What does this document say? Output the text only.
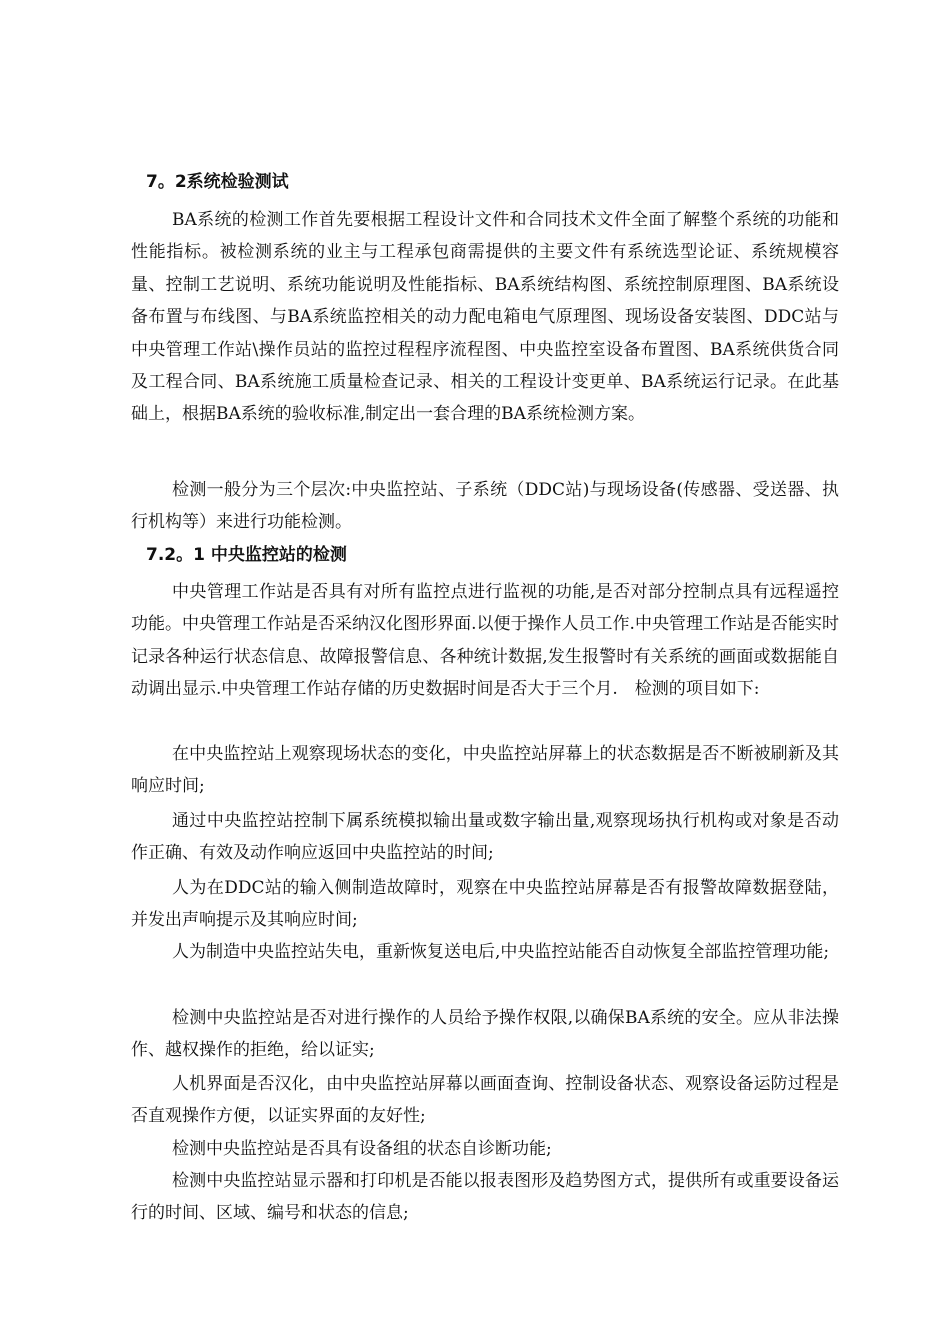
7。2系统检验测试

BA系统的检测工作首先要根据工程设计文件和合同技术文件全面了解整个系统的功能和性能指标。被检测系统的业主与工程承包商需提供的主要文件有系统选型论证、系统规模容量、控制工艺说明、系统功能说明及性能指标、BA系统结构图、系统控制原理图、BA系统设备布置与布线图、与BA系统监控相关的动力配电箱电气原理图、现场设备安装图、DDC站与中央管理工作站\操作员站的监控过程程序流程图、中央监控室设备布置图、BA系统供货合同及工程合同、BA系统施工质量检查记录、相关的工程设计变更单、BA系统运行记录。在此基础上，根据BA系统的验收标准,制定出一套合理的BA系统检测方案。

检测一般分为三个层次:中央监控站、子系统（DDC站)与现场设备(传感器、受送器、执行机构等）来进行功能检测。

7.2。1 中央监控站的检测

中央管理工作站是否具有对所有监控点进行监视的功能,是否对部分控制点具有远程遥控功能。中央管理工作站是否采纳汉化图形界面.以便于操作人员工作.中央管理工作站是否能实时记录各种运行状态信息、故障报警信息、各种统计数据,发生报警时有关系统的画面或数据能自动调出显示.中央管理工作站存储的历史数据时间是否大于三个月.　检测的项目如下:

在中央监控站上观察现场状态的变化，中央监控站屏幕上的状态数据是否不断被刷新及其响应时间;

通过中央监控站控制下属系统模拟输出量或数字输出量,观察现场执行机构或对象是否动作正确、有效及动作响应返回中央监控站的时间;

人为在DDC站的输入侧制造故障时，观察在中央监控站屏幕是否有报警故障数据登陆，并发出声响提示及其响应时间;

人为制造中央监控站失电，重新恢复送电后,中央监控站能否自动恢复全部监控管理功能;

检测中央监控站是否对进行操作的人员给予操作权限,以确保BA系统的安全。应从非法操作、越权操作的拒绝，给以证实;

人机界面是否汉化，由中央监控站屏幕以画面查询、控制设备状态、观察设备运防过程是否直观操作方便，以证实界面的友好性;

检测中央监控站是否具有设备组的状态自诊断功能;

检测中央监控站显示器和打印机是否能以报表图形及趋势图方式，提供所有或重要设备运行的时间、区域、编号和状态的信息;
